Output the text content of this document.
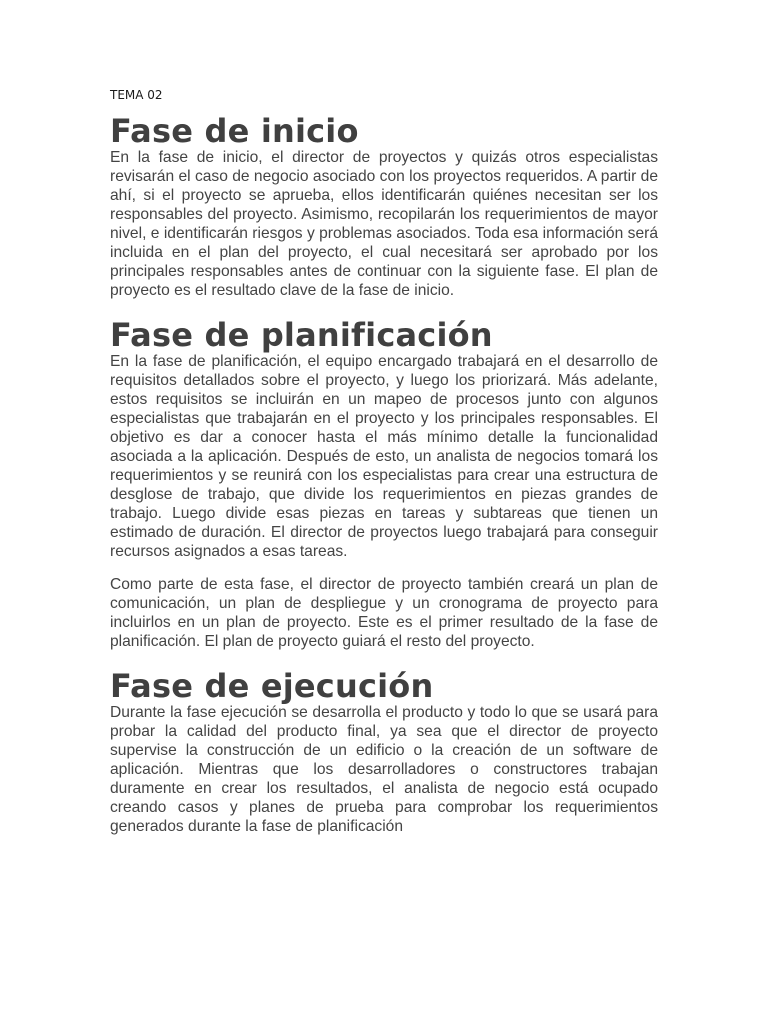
TEMA 02
Fase de inicio

En la fase de inicio, el director de proyectos y quizás otros especialistas revisarán el caso de negocio asociado con los proyectos requeridos. A partir de ahí, si el proyecto se aprueba, ellos identificarán quiénes necesitan ser los responsables del proyecto. Asimismo, recopilarán los requerimientos de mayor nivel, e identificarán riesgos y problemas asociados. Toda esa información será incluida en el plan del proyecto, el cual necesitará ser aprobado por los principales responsables antes de continuar con la siguiente fase. El plan de proyecto es el resultado clave de la fase de inicio.

Fase de planificación

En la fase de planificación, el equipo encargado trabajará en el desarrollo de requisitos detallados sobre el proyecto, y luego los priorizará. Más adelante, estos requisitos se incluirán en un mapeo de procesos junto con algunos especialistas que trabajarán en el proyecto y los principales responsables. El objetivo es dar a conocer hasta el más mínimo detalle la funcionalidad asociada a la aplicación. Después de esto, un analista de negocios tomará los requerimientos y se reunirá con los especialistas para crear una estructura de desglose de trabajo, que divide los requerimientos en piezas grandes de trabajo. Luego divide esas piezas en tareas y subtareas que tienen un estimado de duración. El director de proyectos luego trabajará para conseguir recursos asignados a esas tareas.

Como parte de esta fase, el director de proyecto también creará un plan de comunicación, un plan de despliegue y un cronograma de proyecto para incluirlos en un plan de proyecto. Este es el primer resultado de la fase de planificación. El plan de proyecto guiará el resto del proyecto.

Fase de ejecución

Durante la fase ejecución se desarrolla el producto y todo lo que se usará para probar la calidad del producto final, ya sea que el director de proyecto supervise la construcción de un edificio o la creación de un software de aplicación. Mientras que los desarrolladores o constructores trabajan duramente en crear los resultados, el analista de negocio está ocupado creando casos y planes de prueba para comprobar los requerimientos generados durante la fase de planificación
